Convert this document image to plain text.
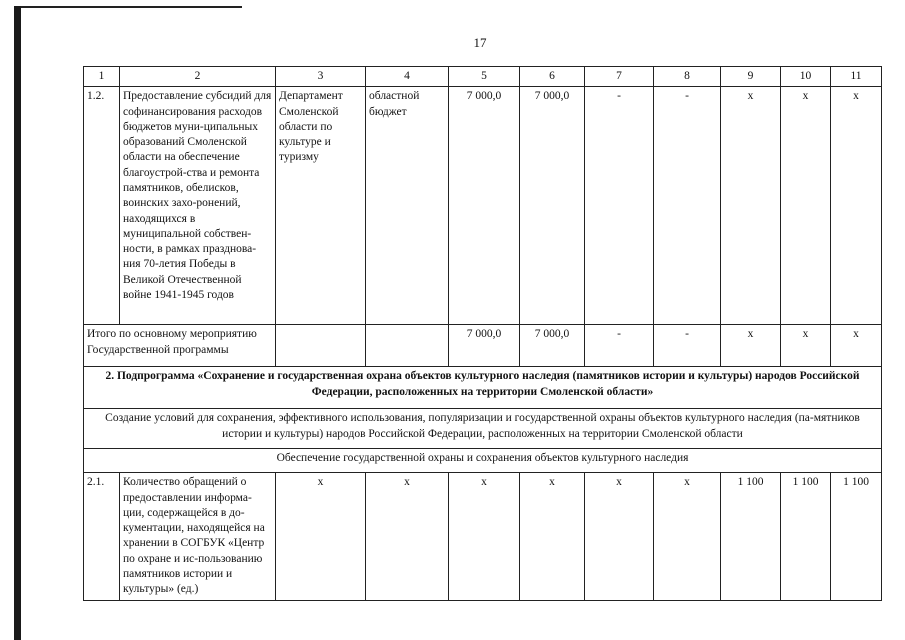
17
1	2	3	4	5	6	7	8	9	10	11
1.2.	Предоставление субсидий для софинансирования расходов бюджетов муни-ципальных образований Смоленской области на обеспечение благоустрой-ства и ремонта памятников, обелисков, воинских захо-ронений, находящихся в муниципальной собствен-ности, в рамках празднова-ния 70-летия Победы в Великой Отечественной войне 1941-1945 годов	Департамент Смоленской области по культуре и туризму	областной бюджет	7 000,0	7 000,0	-	-	x	x	x
Итого по основному мероприятию Государственной программы				7 000,0	7 000,0	-	-	x	x	x
2. Подпрограмма «Сохранение и государственная охрана объектов культурного наследия (памятников истории и культуры) народов Российской Федерации, расположенных на территории Смоленской области»										
Создание условий для сохранения, эффективного использования, популяризации и государственной охраны объектов культурного наследия (па-мятников истории и культуры) народов Российской Федерации, расположенных на территории Смоленской области										
Обеспечение государственной охраны и сохранения объектов культурного наследия										
2.1.	Количество обращений о предоставлении информа-ции, содержащейся в до-кументации, находящейся на хранении в СОГБУК «Центр по охране и ис-пользованию памятников истории и культуры» (ед.)	x	x	x	x	x	x	1 100	1 100	1 100
